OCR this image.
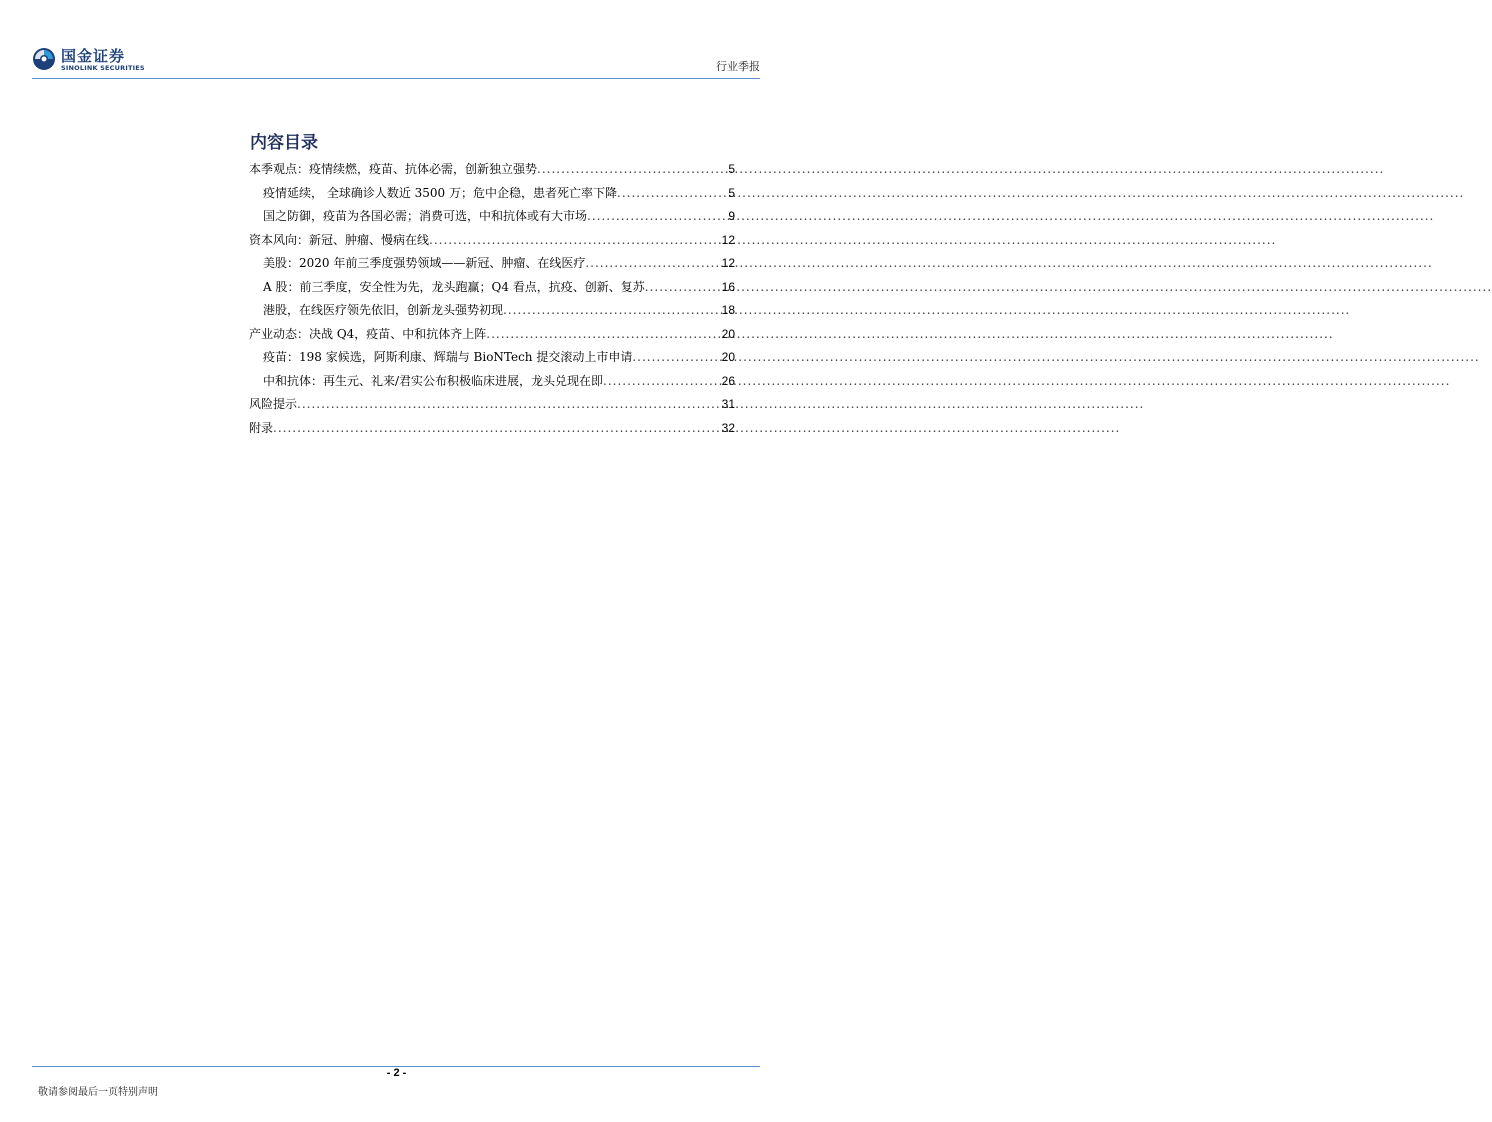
国金证券
SINOLINK SECURITIES	行业季报
内容目录
本季观点：疫情续燃，疫苗、抗体必需，创新独立强势 .....	5
疫情延续， 全球确诊人数近 3500 万；危中企稳，患者死亡率下降 .....	5
国之防御，疫苗为各国必需；消费可选，中和抗体或有大市场 .....	9
资本风向：新冠、肿瘤、慢病在线 .....	12
美股：2020 年前三季度强势领域——新冠、肿瘤、在线医疗 .....	12
A 股：前三季度，安全性为先，龙头跑赢；Q4 看点，抗疫、创新、复苏 .....	16
港股，在线医疗领先依旧，创新龙头强势初现 .....	18
产业动态：决战 Q4，疫苗、中和抗体齐上阵 .....	20
疫苗：198 家候选，阿斯利康、辉瑞与 BioNTech 提交滚动上市申请 .....	20
中和抗体：再生元、礼来/君实公布积极临床进展，龙头兑现在即 .....	26
风险提示 .....	31
附录 .....	32
- 2 -
敬请参阅最后一页特别声明
